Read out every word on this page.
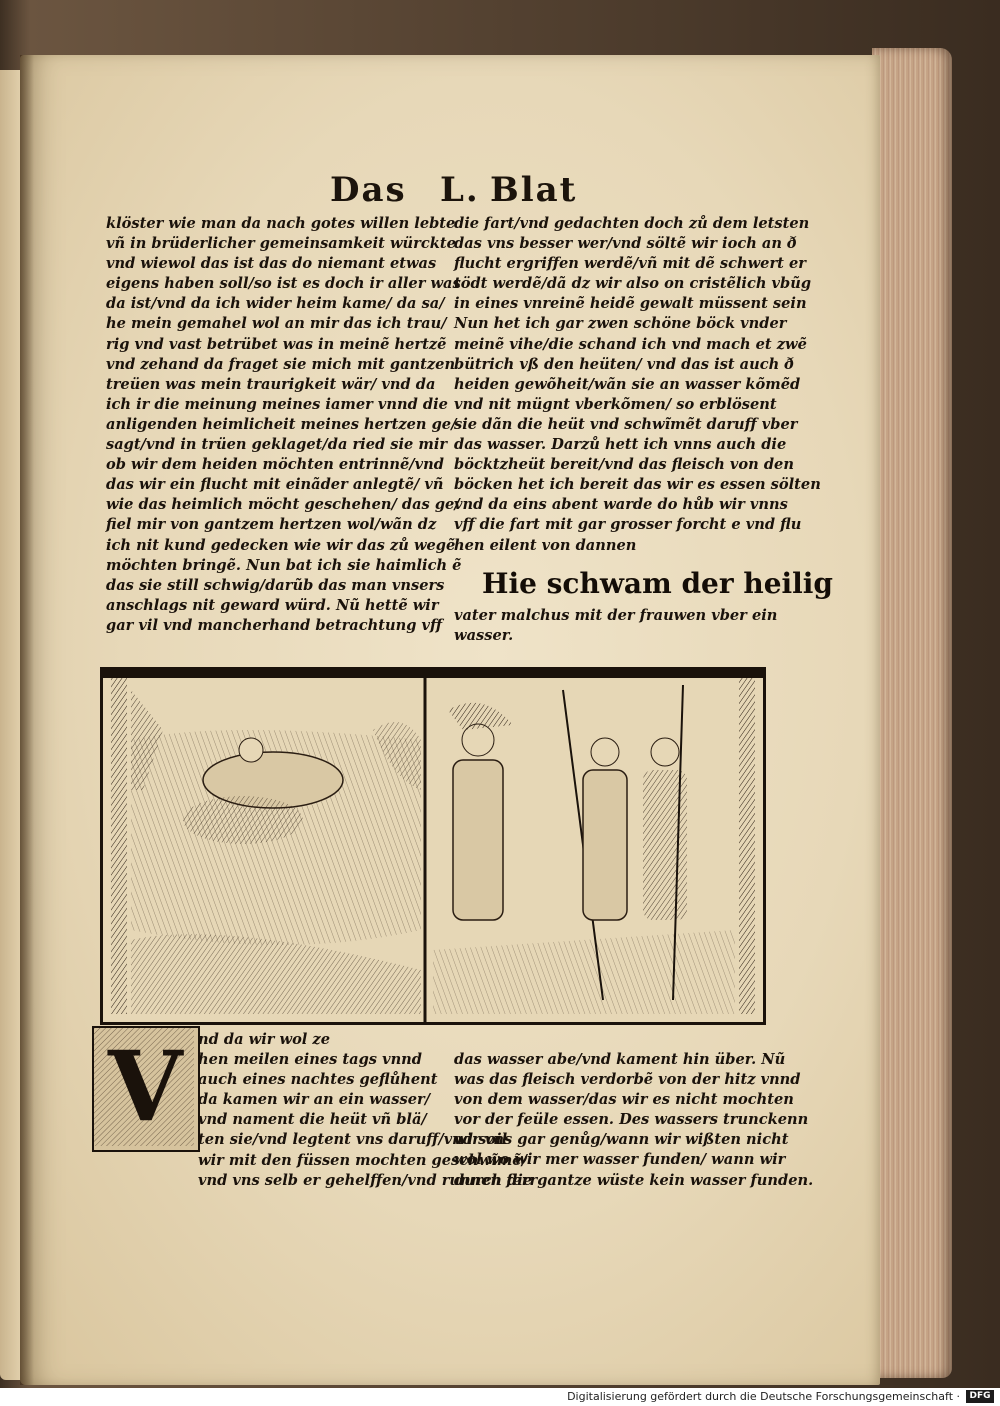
Das L. Blat
klöster wie man da nach gotes willen lebte
vñ in brüderlicher gemeinsamkeit würckte
vnd wiewol das ist das do niemant etwas
eigens haben soll/so ist es doch ir aller was
da ist/vnd da ich wider heim kame/ da sa/
he mein gemahel wol an mir das ich trau/
rig vnd vast betrübet was in meinẽ hertzẽ
vnd zehand da fraget sie mich mit gantzen
treüen was mein traurigkeit wär/ vnd da
ich ir die meinung meines iamer vnnd die
anligenden heimlicheit meines hertzen ge/
sagt/vnd in trüen geklaget/da ried sie mir
ob wir dem heiden möchten entrinnẽ/vnd
das wir ein flucht mit einãder anlegtẽ/ vñ
wie das heimlich möcht geschehen/ das ge/
fiel mir von gantzem hertzen wol/wãn dz
ich nit kund gedecken wie wir das zů wegẽ
möchten bringẽ. Nun bat ich sie haimlich ẽ
das sie still schwig/darũb das man vnsers
anschlags nit geward würd. Nũ hettẽ wir
gar vil vnd mancherhand betrachtung vff
die fart/vnd gedachten doch zů dem letsten
das vns besser wer/vnd söltẽ wir ioch an ð
flucht ergriffen werdẽ/vñ mit dẽ schwert er
tödt werdẽ/dã dz wir also on cristẽlich vbũg
in eines vnreinẽ heidẽ gewalt müssent sein
Nun het ich gar zwen schöne böck vnder
meinẽ vihe/die schand ich vnd mach et zwẽ
bütrich vß den heüten/ vnd das ist auch ð
heiden gewõheit/wãn sie an wasser kõmẽd
vnd nit mügnt vberkõmen/ so erblösent
sie dãn die heüt vnd schwĩmẽt daruff vber
das wasser. Darzů hett ich vnns auch die
böcktzheüt bereit/vnd das fleisch von den
böcken het ich bereit das wir es essen sölten
vnd da eins abent warde do hůb wir vnns
vff die fart mit gar grosser forcht e vnd flu
hen eilent von dannen
Hie schwam der heilig
vater malchus mit der frauwen vber ein
wasser.
V nd da wir wol ze
hen meilen eines tags vnnd
auch eines nachtes geflůhent
da kamen wir an ein wasser/
vnd nament die heüt vñ blä/
ten sie/vnd legtent vns daruff/vnd soil
wir mit den füssen mochten geschwĩmẽ/
vnd vns selb er gehelffen/vnd runnen ferr
das wasser abe/vnd kament hin über. Nũ
was das fleisch verdorbẽ von der hitz vnnd
von dem wasser/das wir es nicht mochten
vor der feüle essen. Des wassers trunckenn
wir vns gar genůg/wann wir wißten nicht
wol wo wir mer wasser funden/ wann wir
durch die gantze wüste kein wasser funden.
Digitalisierung gefördert durch die Deutsche Forschungsgemeinschaft ·	DFG
